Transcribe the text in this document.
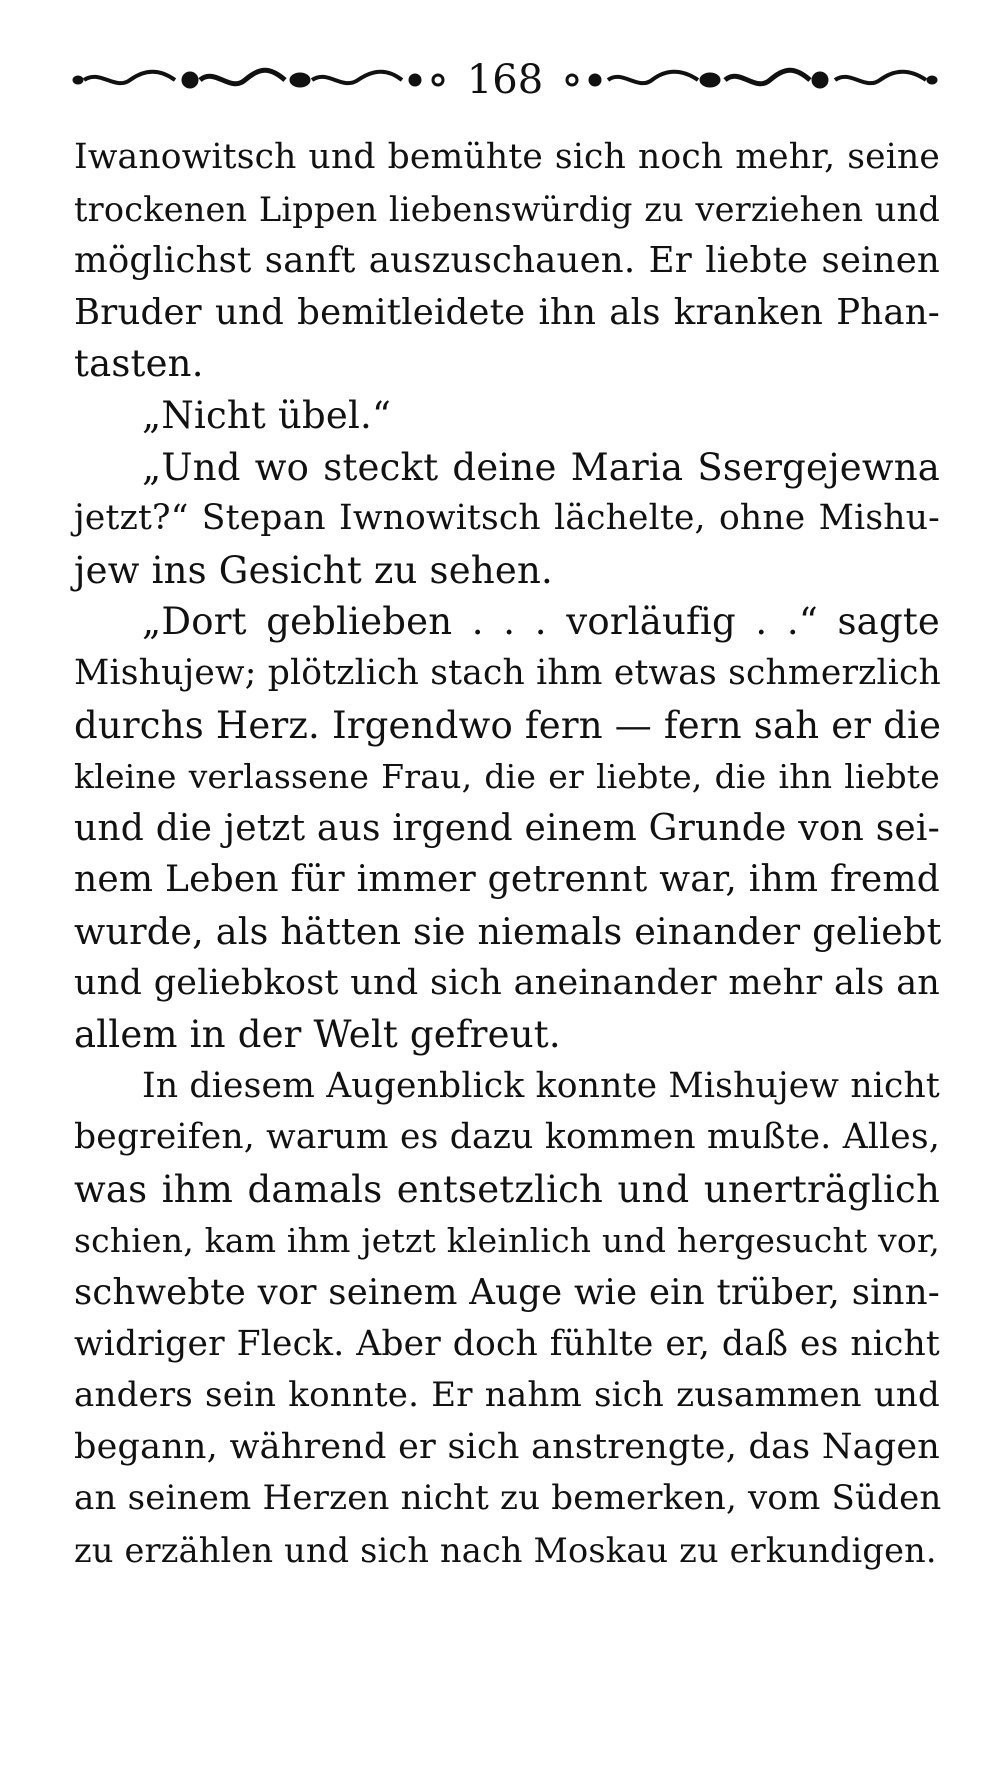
168
Iwanowitsch und bemühte sich noch mehr, seine
trockenen Lippen liebenswürdig zu verziehen und
möglichst sanft auszuschauen. Er liebte seinen
Bruder und bemitleidete ihn als kranken Phan-
tasten.
„Nicht übel.“
„Und wo steckt deine Maria Ssergejewna
jetzt?“ Stepan Iwnowitsch lächelte, ohne Mishu-
jew ins Gesicht zu sehen.
„Dort geblieben . . . vorläufig . .“ sagte
Mishujew; plötzlich stach ihm etwas schmerzlich
durchs Herz. Irgendwo fern — fern sah er die
kleine verlassene Frau, die er liebte, die ihn liebte
und die jetzt aus irgend einem Grunde von sei-
nem Leben für immer getrennt war, ihm fremd
wurde, als hätten sie niemals einander geliebt
und geliebkost und sich aneinander mehr als an
allem in der Welt gefreut.
In diesem Augenblick konnte Mishujew nicht
begreifen, warum es dazu kommen mußte. Alles,
was ihm damals entsetzlich und unerträglich
schien, kam ihm jetzt kleinlich und hergesucht vor,
schwebte vor seinem Auge wie ein trüber, sinn-
widriger Fleck. Aber doch fühlte er, daß es nicht
anders sein konnte. Er nahm sich zusammen und
begann, während er sich anstrengte, das Nagen
an seinem Herzen nicht zu bemerken, vom Süden
zu erzählen und sich nach Moskau zu erkundigen.
